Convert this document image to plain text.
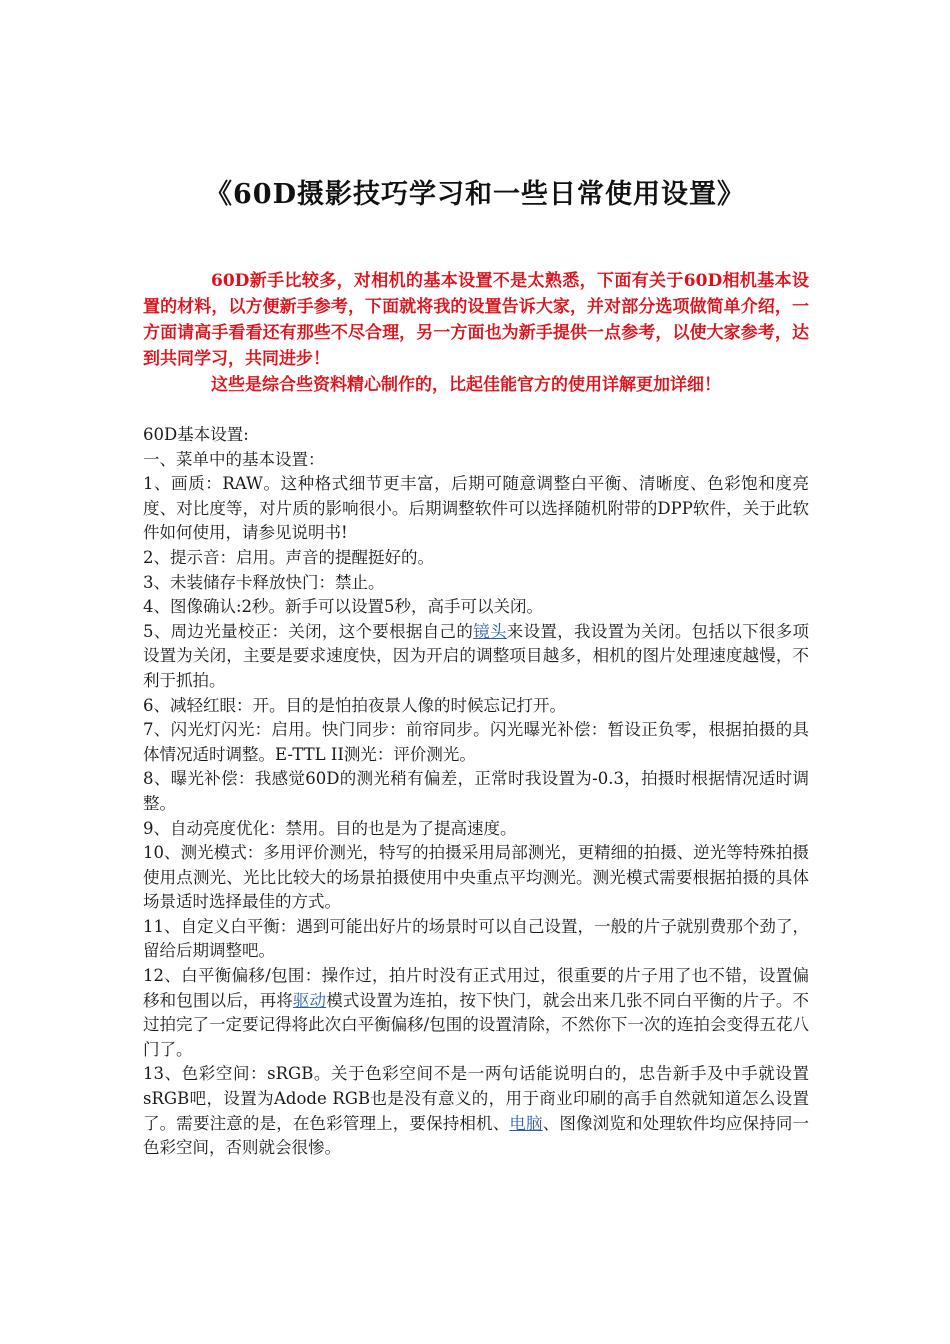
《60D摄影技巧学习和一些日常使用设置》

60D新手比较多，对相机的基本设置不是太熟悉，下面有关于60D相机基本设置的材料，以方便新手参考，下面就将我的设置告诉大家，并对部分选项做简单介绍，一方面请高手看看还有那些不尽合理，另一方面也为新手提供一点参考，以使大家参考，达到共同学习，共同进步！

这些是综合些资料精心制作的，比起佳能官方的使用详解更加详细！

60D基本设置:

一、菜单中的基本设置：

1、画质：RAW。这种格式细节更丰富，后期可随意调整白平衡、清晰度、色彩饱和度亮度、对比度等，对片质的影响很小。后期调整软件可以选择随机附带的DPP软件，关于此软件如何使用，请参见说明书!

2、提示音：启用。声音的提醒挺好的。

3、未装储存卡释放快门：禁止。

4、图像确认:2秒。新手可以设置5秒，高手可以关闭。

5、周边光量校正：关闭，这个要根据自己的镜头来设置，我设置为关闭。包括以下很多项设置为关闭，主要是要求速度快，因为开启的调整项目越多，相机的图片处理速度越慢，不利于抓拍。

6、减轻红眼：开。目的是怕拍夜景人像的时候忘记打开。

7、闪光灯闪光：启用。快门同步：前帘同步。闪光曝光补偿：暂设正负零，根据拍摄的具体情况适时调整。E-TTL II测光：评价测光。

8、曝光补偿：我感觉60D的测光稍有偏差，正常时我设置为-0.3，拍摄时根据情况适时调整。

9、自动亮度优化：禁用。目的也是为了提高速度。

10、测光模式：多用评价测光，特写的拍摄采用局部测光，更精细的拍摄、逆光等特殊拍摄使用点测光、光比比较大的场景拍摄使用中央重点平均测光。测光模式需要根据拍摄的具体场景适时选择最佳的方式。

11、自定义白平衡：遇到可能出好片的场景时可以自己设置，一般的片子就别费那个劲了，留给后期调整吧。

12、白平衡偏移/包围：操作过，拍片时没有正式用过，很重要的片子用了也不错，设置偏移和包围以后，再将驱动模式设置为连拍，按下快门，就会出来几张不同白平衡的片子。不过拍完了一定要记得将此次白平衡偏移/包围的设置清除，不然你下一次的连拍会变得五花八门了。

13、色彩空间：sRGB。关于色彩空间不是一两句话能说明白的，忠告新手及中手就设置sRGB吧，设置为Adode RGB也是没有意义的，用于商业印刷的高手自然就知道怎么设置了。需要注意的是，在色彩管理上，要保持相机、电脑、图像浏览和处理软件均应保持同一色彩空间，否则就会很惨。
